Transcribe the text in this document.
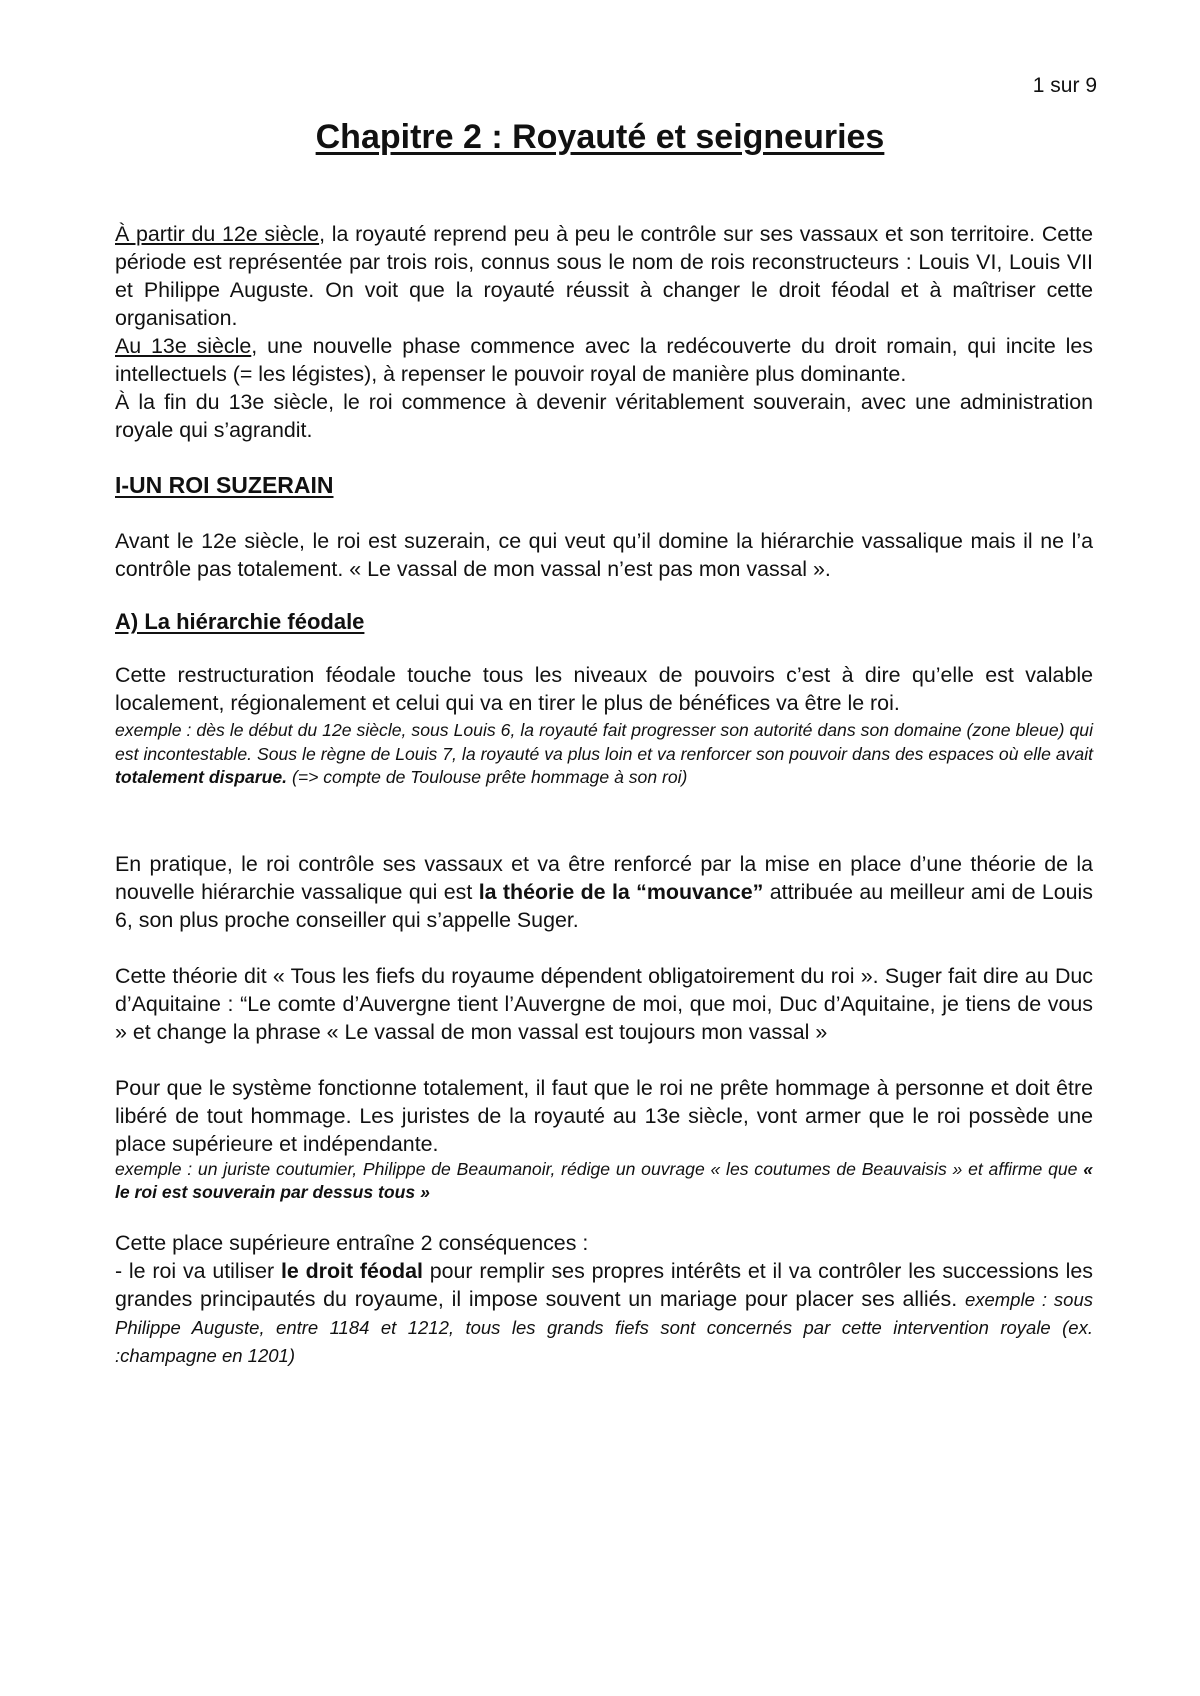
1 sur 9
Chapitre 2 : Royauté et seigneuries

À partir du 12e siècle, la royauté reprend peu à peu le contrôle sur ses vassaux et son territoire. Cette période est représentée par trois rois, connus sous le nom de rois reconstructeurs : Louis VI, Louis VII et Philippe Auguste. On voit que la royauté réussit à changer le droit féodal et à maîtriser cette organisation.

Au 13e siècle, une nouvelle phase commence avec la redécouverte du droit romain, qui incite les intellectuels (= les légistes), à repenser le pouvoir royal de manière plus dominante.

À la fin du 13e siècle, le roi commence à devenir véritablement souverain, avec une administration royale qui s’agrandit.

I-UN ROI SUZERAIN

Avant le 12e siècle, le roi est suzerain, ce qui veut qu’il domine la hiérarchie vassalique mais il ne l’a contrôle pas totalement. « Le vassal de mon vassal n’est pas mon vassal ».

A) La hiérarchie féodale

Cette restructuration féodale touche tous les niveaux de pouvoirs c’est à dire qu’elle est valable localement, régionalement et celui qui va en tirer le plus de bénéfices va être le roi.

exemple : dès le début du 12e siècle, sous Louis 6, la royauté fait progresser son autorité dans son domaine (zone bleue) qui est incontestable. Sous le règne de Louis 7, la royauté va plus loin et va renforcer son pouvoir dans des espaces où elle avait totalement disparue. (=> compte de Toulouse prête hommage à son roi)

En pratique, le roi contrôle ses vassaux et va être renforcé par la mise en place d’une théorie de la nouvelle hiérarchie vassalique qui est la théorie de la “mouvance” attribuée au meilleur ami de Louis 6, son plus proche conseiller qui s’appelle Suger.

Cette théorie dit « Tous les fiefs du royaume dépendent obligatoirement du roi ». Suger fait dire au Duc d’Aquitaine : “Le comte d’Auvergne tient l’Auvergne de moi, que moi, Duc d’Aquitaine, je tiens de vous » et change la phrase « Le vassal de mon vassal est toujours mon vassal »

Pour que le système fonctionne totalement, il faut que le roi ne prête hommage à personne et doit être libéré de tout hommage. Les juristes de la royauté au 13e siècle, vont armer que le roi possède une place supérieure et indépendante.

exemple : un juriste coutumier, Philippe de Beaumanoir, rédige un ouvrage « les coutumes de Beauvaisis » et affirme que « le roi est souverain par dessus tous »

Cette place supérieure entraîne 2 conséquences :

- le roi va utiliser le droit féodal pour remplir ses propres intérêts et il va contrôler les successions les grandes principautés du royaume, il impose souvent un mariage pour placer ses alliés. exemple : sous Philippe Auguste, entre 1184 et 1212, tous les grands fiefs sont concernés par cette intervention royale (ex. :champagne en 1201)
